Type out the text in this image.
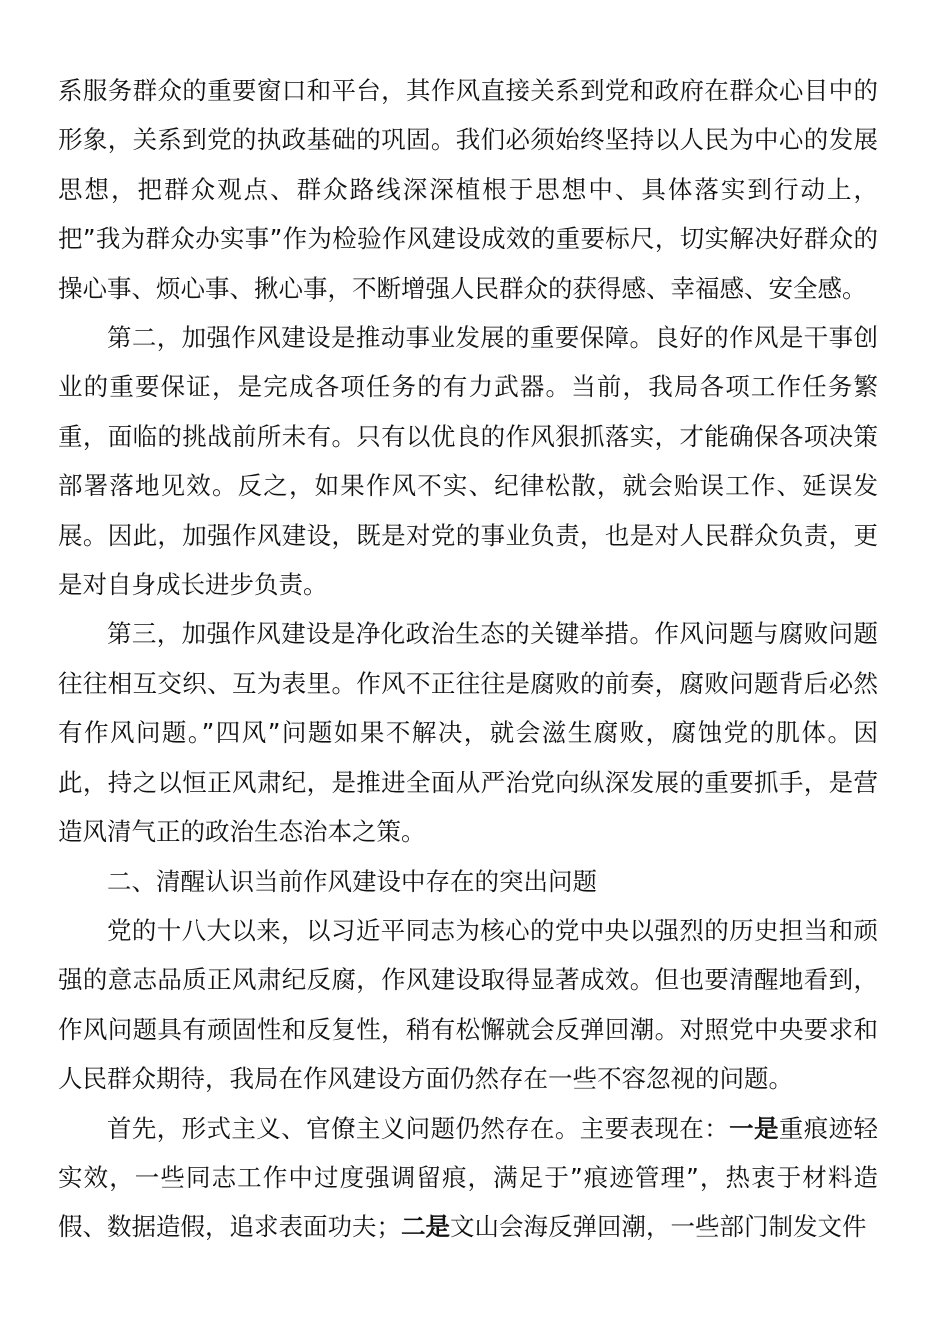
系服务群众的重要窗口和平台，其作风直接关系到党和政府在群众心目中的形象，关系到党的执政基础的巩固。我们必须始终坚持以人民为中心的发展思想，把群众观点、群众路线深深植根于思想中、具体落实到行动上，把”我为群众办实事”作为检验作风建设成效的重要标尺，切实解决好群众的操心事、烦心事、揪心事，不断增强人民群众的获得感、幸福感、安全感。

第二，加强作风建设是推动事业发展的重要保障。良好的作风是干事创业的重要保证，是完成各项任务的有力武器。当前，我局各项工作任务繁重，面临的挑战前所未有。只有以优良的作风狠抓落实，才能确保各项决策部署落地见效。反之，如果作风不实、纪律松散，就会贻误工作、延误发展。因此，加强作风建设，既是对党的事业负责，也是对人民群众负责，更是对自身成长进步负责。

第三，加强作风建设是净化政治生态的关键举措。作风问题与腐败问题往往相互交织、互为表里。作风不正往往是腐败的前奏，腐败问题背后必然有作风问题。”四风”问题如果不解决，就会滋生腐败，腐蚀党的肌体。因此，持之以恒正风肃纪，是推进全面从严治党向纵深发展的重要抓手，是营造风清气正的政治生态治本之策。

二、清醒认识当前作风建设中存在的突出问题

党的十八大以来，以习近平同志为核心的党中央以强烈的历史担当和顽强的意志品质正风肃纪反腐，作风建设取得显著成效。但也要清醒地看到，作风问题具有顽固性和反复性，稍有松懈就会反弹回潮。对照党中央要求和人民群众期待，我局在作风建设方面仍然存在一些不容忽视的问题。

首先，形式主义、官僚主义问题仍然存在。主要表现在：一是重痕迹轻实效，一些同志工作中过度强调留痕，满足于”痕迹管理”，热衷于材料造假、数据造假，追求表面功夫；二是文山会海反弹回潮，一些部门制发文件
